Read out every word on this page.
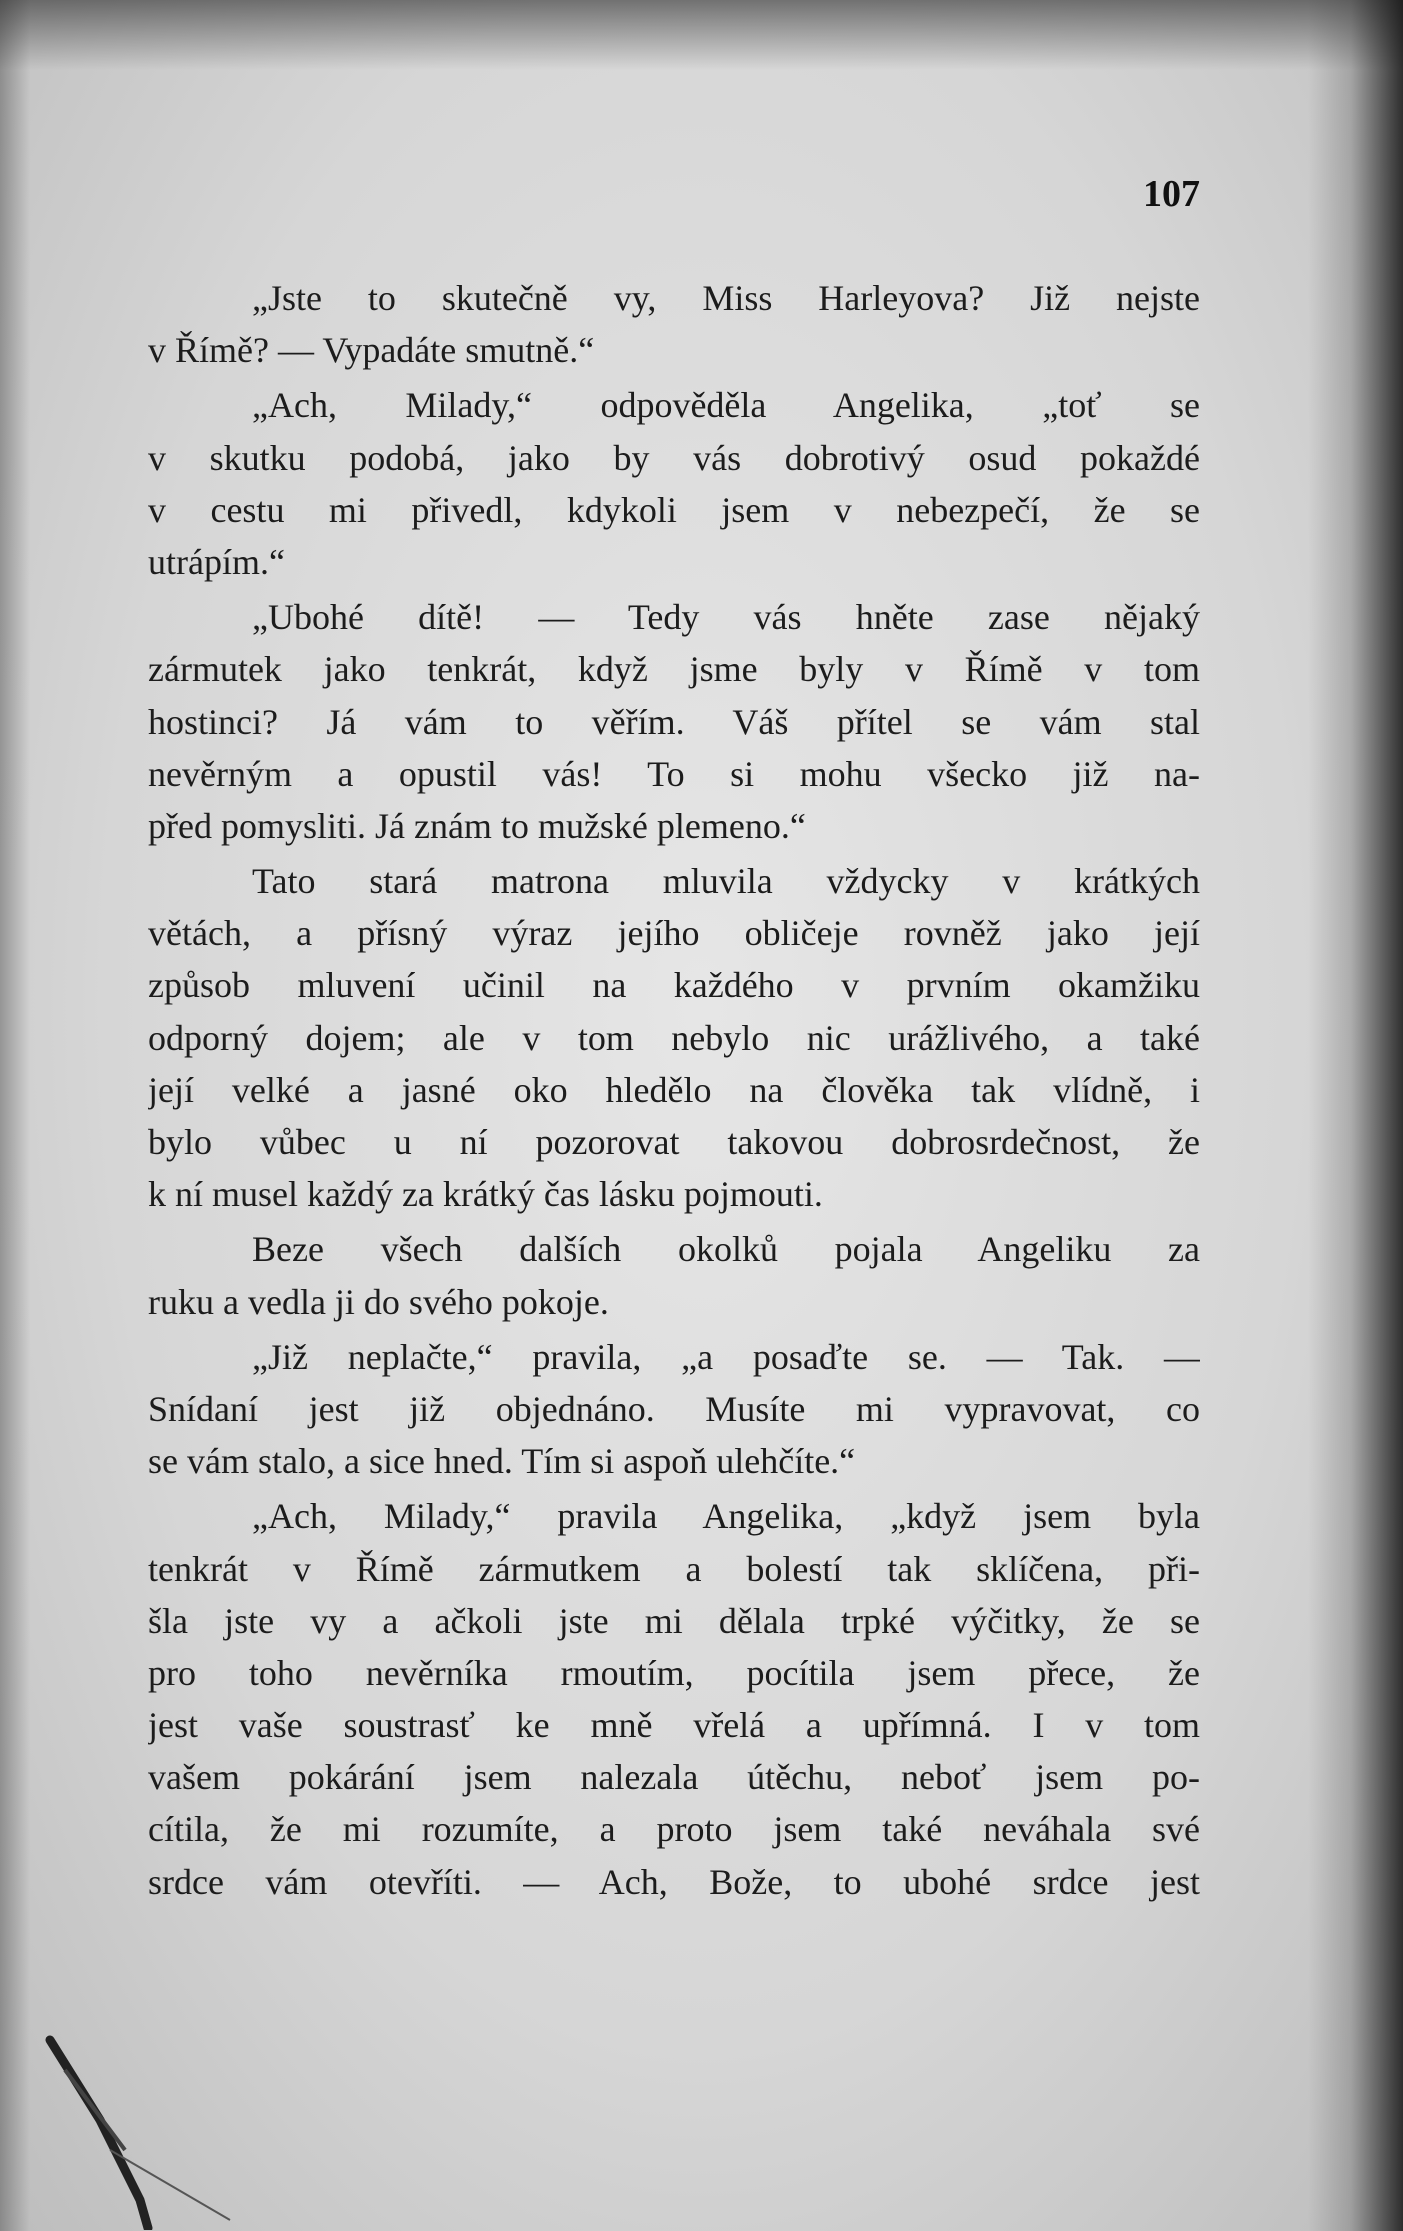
107
„Jste to skutečně vy, Miss Harleyova? Již nejste
v Římě? — Vypadáte smutně.“
„Ach, Milady,“ odpověděla Angelika, „toť se
v skutku podobá, jako by vás dobrotivý osud pokaždé
v cestu mi přivedl, kdykoli jsem v nebezpečí, že se
utrápím.“
„Ubohé dítě! — Tedy vás hněte zase nějaký
zármutek jako tenkrát, když jsme byly v Římě v tom
hostinci? Já vám to věřím. Váš přítel se vám stal
nevěrným a opustil vás! To si mohu všecko již na-
před pomysliti. Já znám to mužské plemeno.“
Tato stará matrona mluvila vždycky v krátkých
větách, a přísný výraz jejího obličeje rovněž jako její
způsob mluvení učinil na každého v prvním okamžiku
odporný dojem; ale v tom nebylo nic urážlivého, a také
její velké a jasné oko hledělo na člověka tak vlídně, i
bylo vůbec u ní pozorovat takovou dobrosrdečnost, že
k ní musel každý za krátký čas lásku pojmouti.
Beze všech dalších okolků pojala Angeliku za
ruku a vedla ji do svého pokoje.
„Již neplačte,“ pravila, „a posaďte se. — Tak. —
Snídaní jest již objednáno. Musíte mi vypravovat, co
se vám stalo, a sice hned. Tím si aspoň ulehčíte.“
„Ach, Milady,“ pravila Angelika, „když jsem byla
tenkrát v Římě zármutkem a bolestí tak sklíčena, při-
šla jste vy a ačkoli jste mi dělala trpké výčitky, že se
pro toho nevěrníka rmoutím, pocítila jsem přece, že
jest vaše soustrasť ke mně vřelá a upřímná. I v tom
vašem pokárání jsem nalezala útěchu, neboť jsem po-
cítila, že mi rozumíte, a proto jsem také neváhala své
srdce vám otevříti. — Ach, Bože, to ubohé srdce jest
